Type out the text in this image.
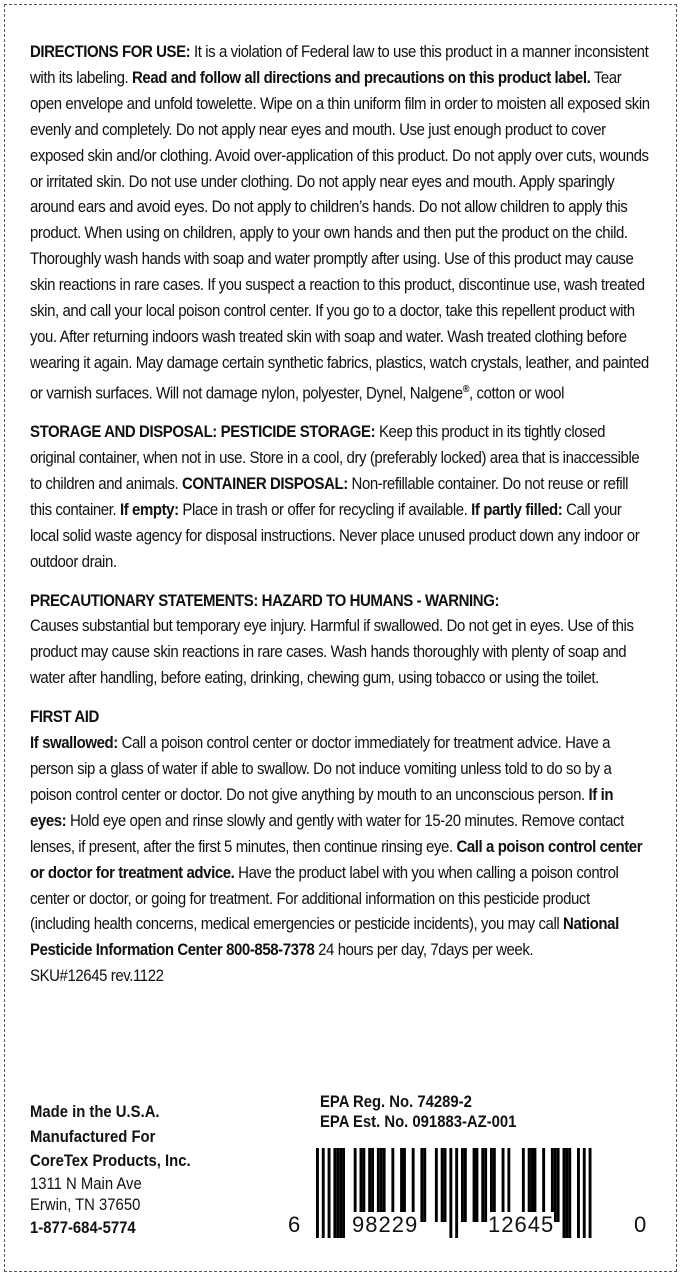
DIRECTIONS FOR USE: It is a violation of Federal law to use this product in a manner inconsistent with its labeling. Read and follow all directions and precautions on this product label. Tear open envelope and unfold towelette. Wipe on a thin uniform film in order to moisten all exposed skin evenly and completely. Do not apply near eyes and mouth. Use just enough product to cover exposed skin and/or clothing. Avoid over-application of this product. Do not apply over cuts, wounds or irritated skin. Do not use under clothing. Do not apply near eyes and mouth. Apply sparingly around ears and avoid eyes. Do not apply to children’s hands. Do not allow children to apply this product. When using on children, apply to your own hands and then put the product on the child. Thoroughly wash hands with soap and water promptly after using. Use of this product may cause skin reactions in rare cases. If you suspect a reaction to this product, discontinue use, wash treated skin, and call your local poison control center. If you go to a doctor, take this repellent product with you. After returning indoors wash treated skin with soap and water. Wash treated clothing before wearing it again. May damage certain synthetic fabrics, plastics, watch crystals, leather, and painted or varnish surfaces. Will not damage nylon, polyester, Dynel, Nalgene®, cotton or wool

STORAGE AND DISPOSAL: PESTICIDE STORAGE: Keep this product in its tightly closed original container, when not in use. Store in a cool, dry (preferably locked) area that is inaccessible to children and animals. CONTAINER DISPOSAL: Non-refillable container. Do not reuse or refill this container. If empty: Place in trash or offer for recycling if available. If partly filled: Call your local solid waste agency for disposal instructions. Never place unused product down any indoor or outdoor drain.

PRECAUTIONARY STATEMENTS: HAZARD TO HUMANS - WARNING:
Causes substantial but temporary eye injury. Harmful if swallowed. Do not get in eyes. Use of this product may cause skin reactions in rare cases. Wash hands thoroughly with plenty of soap and water after handling, before eating, drinking, chewing gum, using tobacco or using the toilet.

FIRST AID
If swallowed: Call a poison control center or doctor immediately for treatment advice. Have a person sip a glass of water if able to swallow. Do not induce vomiting unless told to do so by a poison control center or doctor. Do not give anything by mouth to an unconscious person. If in eyes: Hold eye open and rinse slowly and gently with water for 15-20 minutes. Remove contact lenses, if present, after the first 5 minutes, then continue rinsing eye. Call a poison control center or doctor for treatment advice. Have the product label with you when calling a poison control center or doctor, or going for treatment. For additional information on this pesticide product (including health concerns, medical emergencies or pesticide incidents), you may call National Pesticide Information Center 800-858-7378 24 hours per day, 7days per week.

SKU#12645 rev.1122
Made in the U.S.A.
Manufactured For
CoreTex Products, Inc.
1311 N Main Ave
Erwin, TN 37650
1-877-684-5774
EPA Reg. No. 74289-2
EPA Est. No. 091883-AZ-001
6 98229	12645	0
